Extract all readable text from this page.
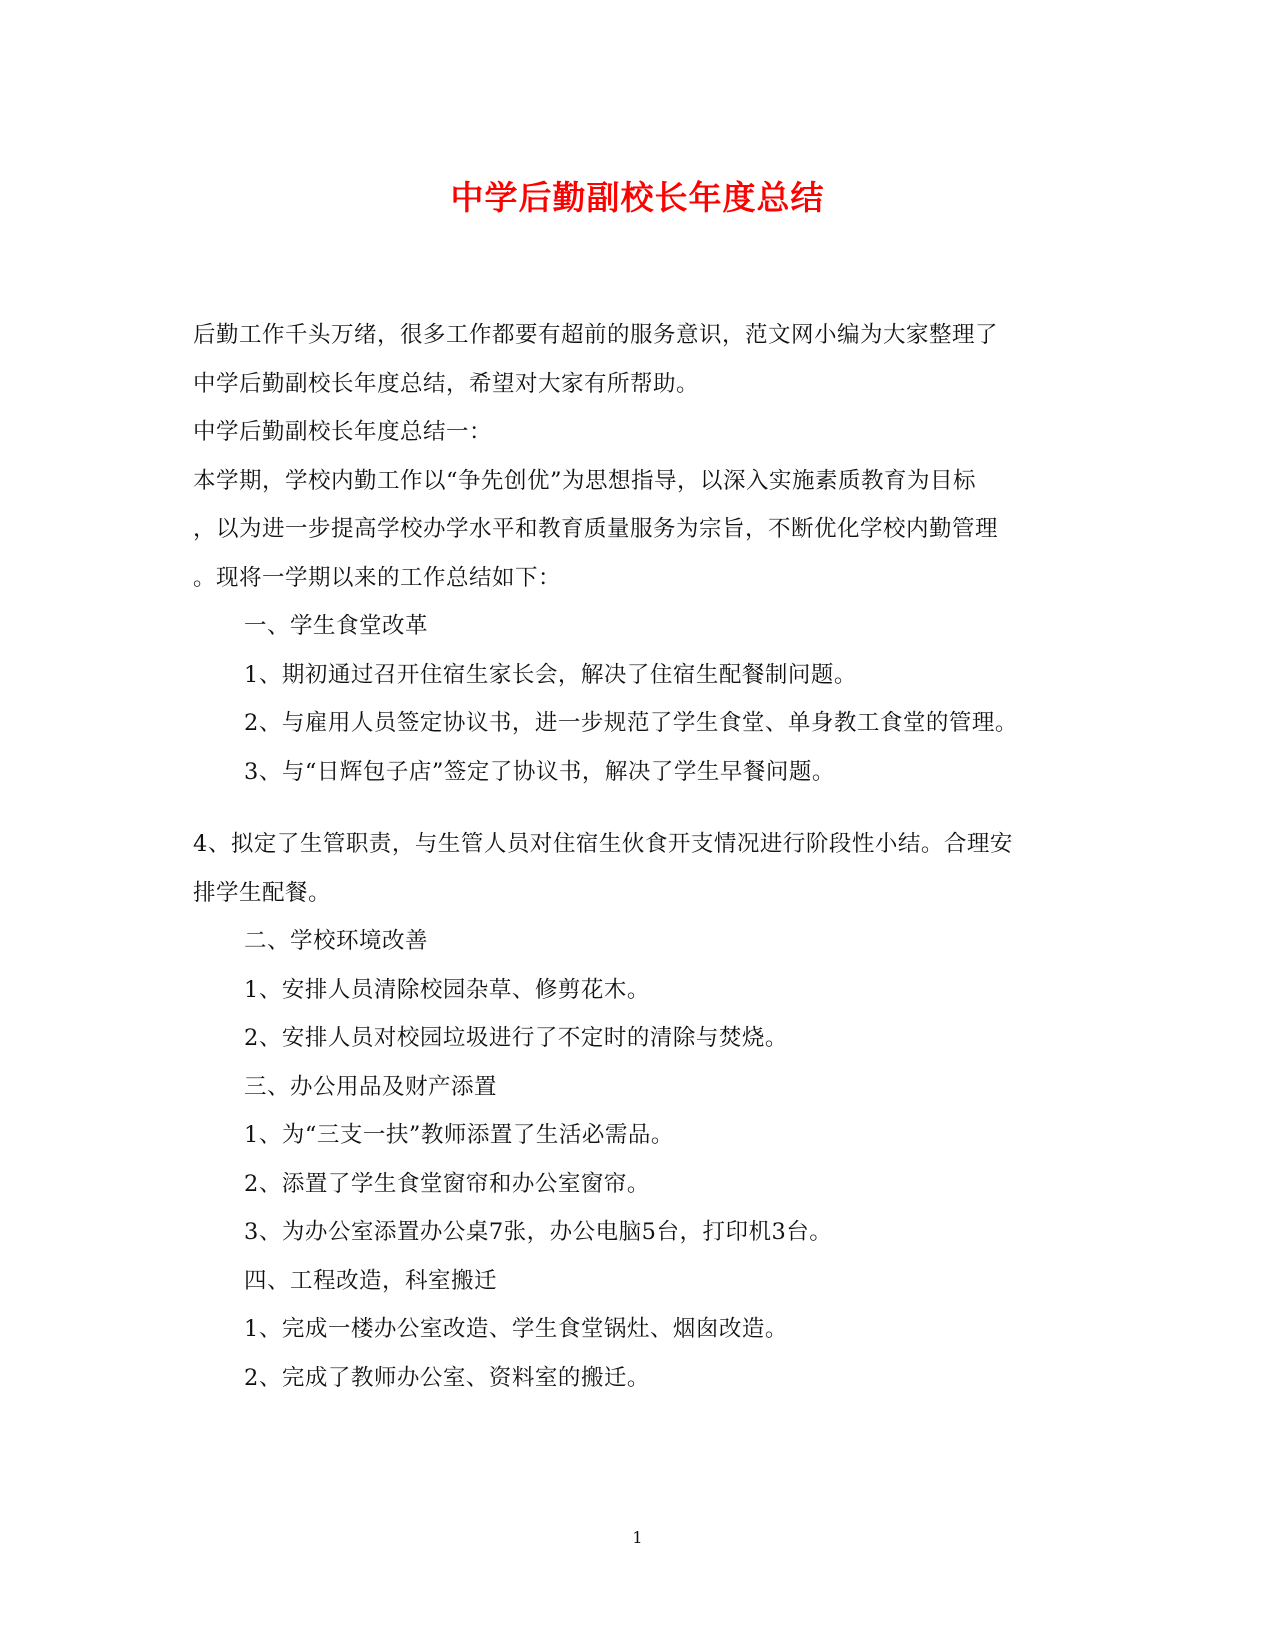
中学后勤副校长年度总结
后勤工作千头万绪，很多工作都要有超前的服务意识，范文网小编为大家整理了
中学后勤副校长年度总结，希望对大家有所帮助。
中学后勤副校长年度总结一：
本学期，学校内勤工作以“争先创优”为思想指导，以深入实施素质教育为目标
，以为进一步提高学校办学水平和教育质量服务为宗旨，不断优化学校内勤管理
。现将一学期以来的工作总结如下：
一、学生食堂改革
1、期初通过召开住宿生家长会，解决了住宿生配餐制问题。
2、与雇用人员签定协议书，进一步规范了学生食堂、单身教工食堂的管理。
3、与“日辉包子店”签定了协议书，解决了学生早餐问题。
4、拟定了生管职责，与生管人员对住宿生伙食开支情况进行阶段性小结。合理安
排学生配餐。
二、学校环境改善
1、安排人员清除校园杂草、修剪花木。
2、安排人员对校园垃圾进行了不定时的清除与焚烧。
三、办公用品及财产添置
1、为“三支一扶”教师添置了生活必需品。
2、添置了学生食堂窗帘和办公室窗帘。
3、为办公室添置办公桌7张，办公电脑5台，打印机3台。
四、工程改造，科室搬迁
1、完成一楼办公室改造、学生食堂锅灶、烟囱改造。
2、完成了教师办公室、资料室的搬迁。
1
